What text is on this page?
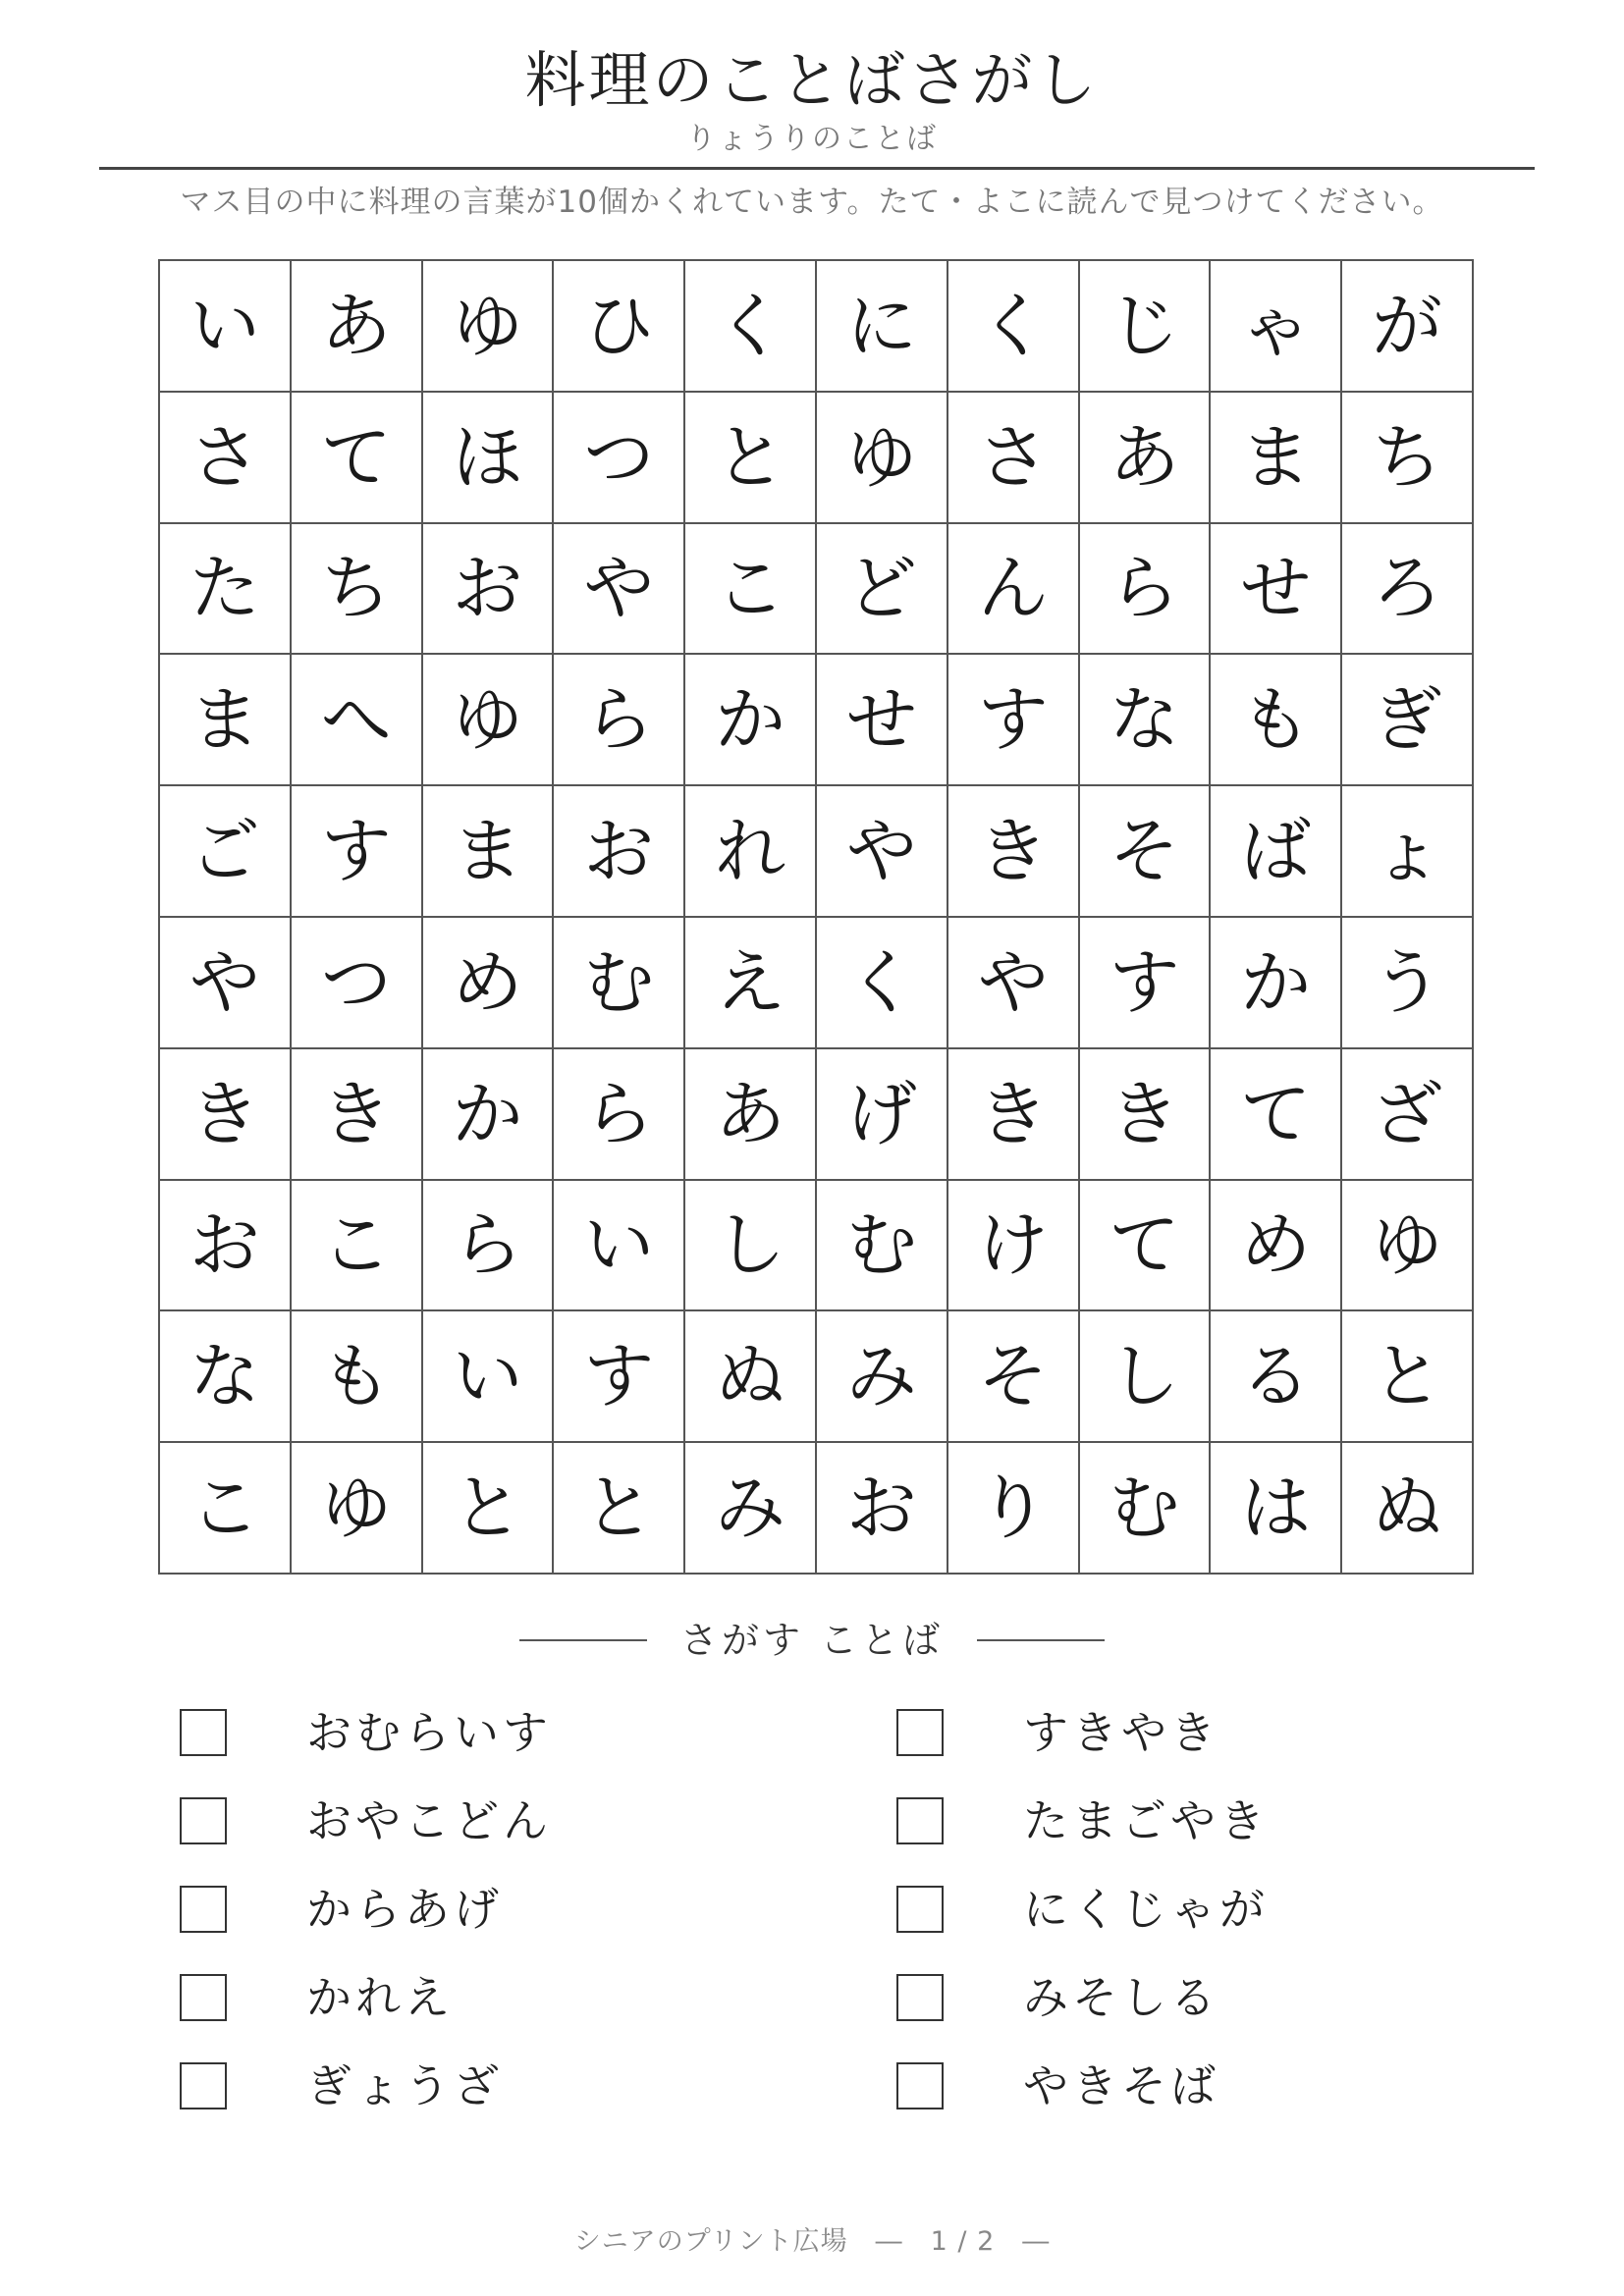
料理のことばさがし
りょうりのことば
マス目の中に料理の言葉が10個かくれています。たて・よこに読んで見つけてください。
い あ ゆ ひ く に く じ ゃ が
さ て ほ つ と ゆ さ あ ま ち
た ち お や こ ど ん ら せ ろ
ま へ ゆ ら か せ す な も ぎ
ご す ま お れ や き そ ば ょ
や つ め む え く や す か う
き き か ら あ げ き き て ざ
お こ ら い し む け て め ゆ
な も い す ぬ み そ し る と
こ ゆ と と み お り む は ぬ
さがす ことば
おむらいす
おやこどん
からあげ
かれえ
ぎょうざ
すきやき
たまごやき
にくじゃが
みそしる
やきそば
シニアのプリント広場　―　1 / 2　―
